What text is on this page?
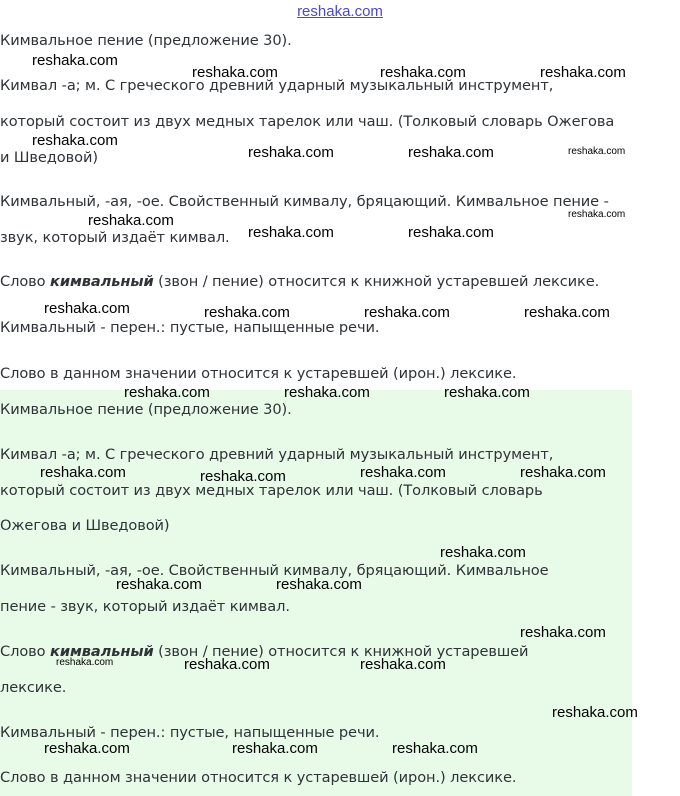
reshaka.com
Кимвальное пение (предложение 30).
Кимвал -а; м. С греческого древний ударный музыкальный инструмент,
который состоит из двух медных тарелок или чаш. (Толковый словарь Ожегова
и Шведовой)
Кимвальный, -ая, -ое. Свойственный кимвалу, бряцающий. Кимвальное пение -
звук, который издаёт кимвал.
Слово кимвальный (звон / пение) относится к книжной устаревшей лексике.
Кимвальный - перен.: пустые, напыщенные речи.
Слово в данном значении относится к устаревшей (ирон.) лексике.
Кимвальное пение (предложение 30).
Кимвал -а; м. С греческого древний ударный музыкальный инструмент,
который состоит из двух медных тарелок или чаш. (Толковый словарь
Ожегова и Шведовой)
Кимвальный, -ая, -ое. Свойственный кимвалу, бряцающий. Кимвальное
пение - звук, который издаёт кимвал.
Слово кимвальный (звон / пение) относится к книжной устаревшей
лексике.
Кимвальный - перен.: пустые, напыщенные речи.
Слово в данном значении относится к устаревшей (ирон.) лексике.
reshaka.com
reshaka.com	reshaka.com	reshaka.com
reshaka.com
reshaka.com	reshaka.com	reshaka.com
reshaka.com	reshaka.com
reshaka.com	reshaka.com
reshaka.com	reshaka.com	reshaka.com	reshaka.com
reshaka.com	reshaka.com	reshaka.com
reshaka.com	reshaka.com	reshaka.com	reshaka.com
reshaka.com
reshaka.com	reshaka.com
reshaka.com
reshaka.com	reshaka.com	reshaka.com
reshaka.com
reshaka.com	reshaka.com	reshaka.com
